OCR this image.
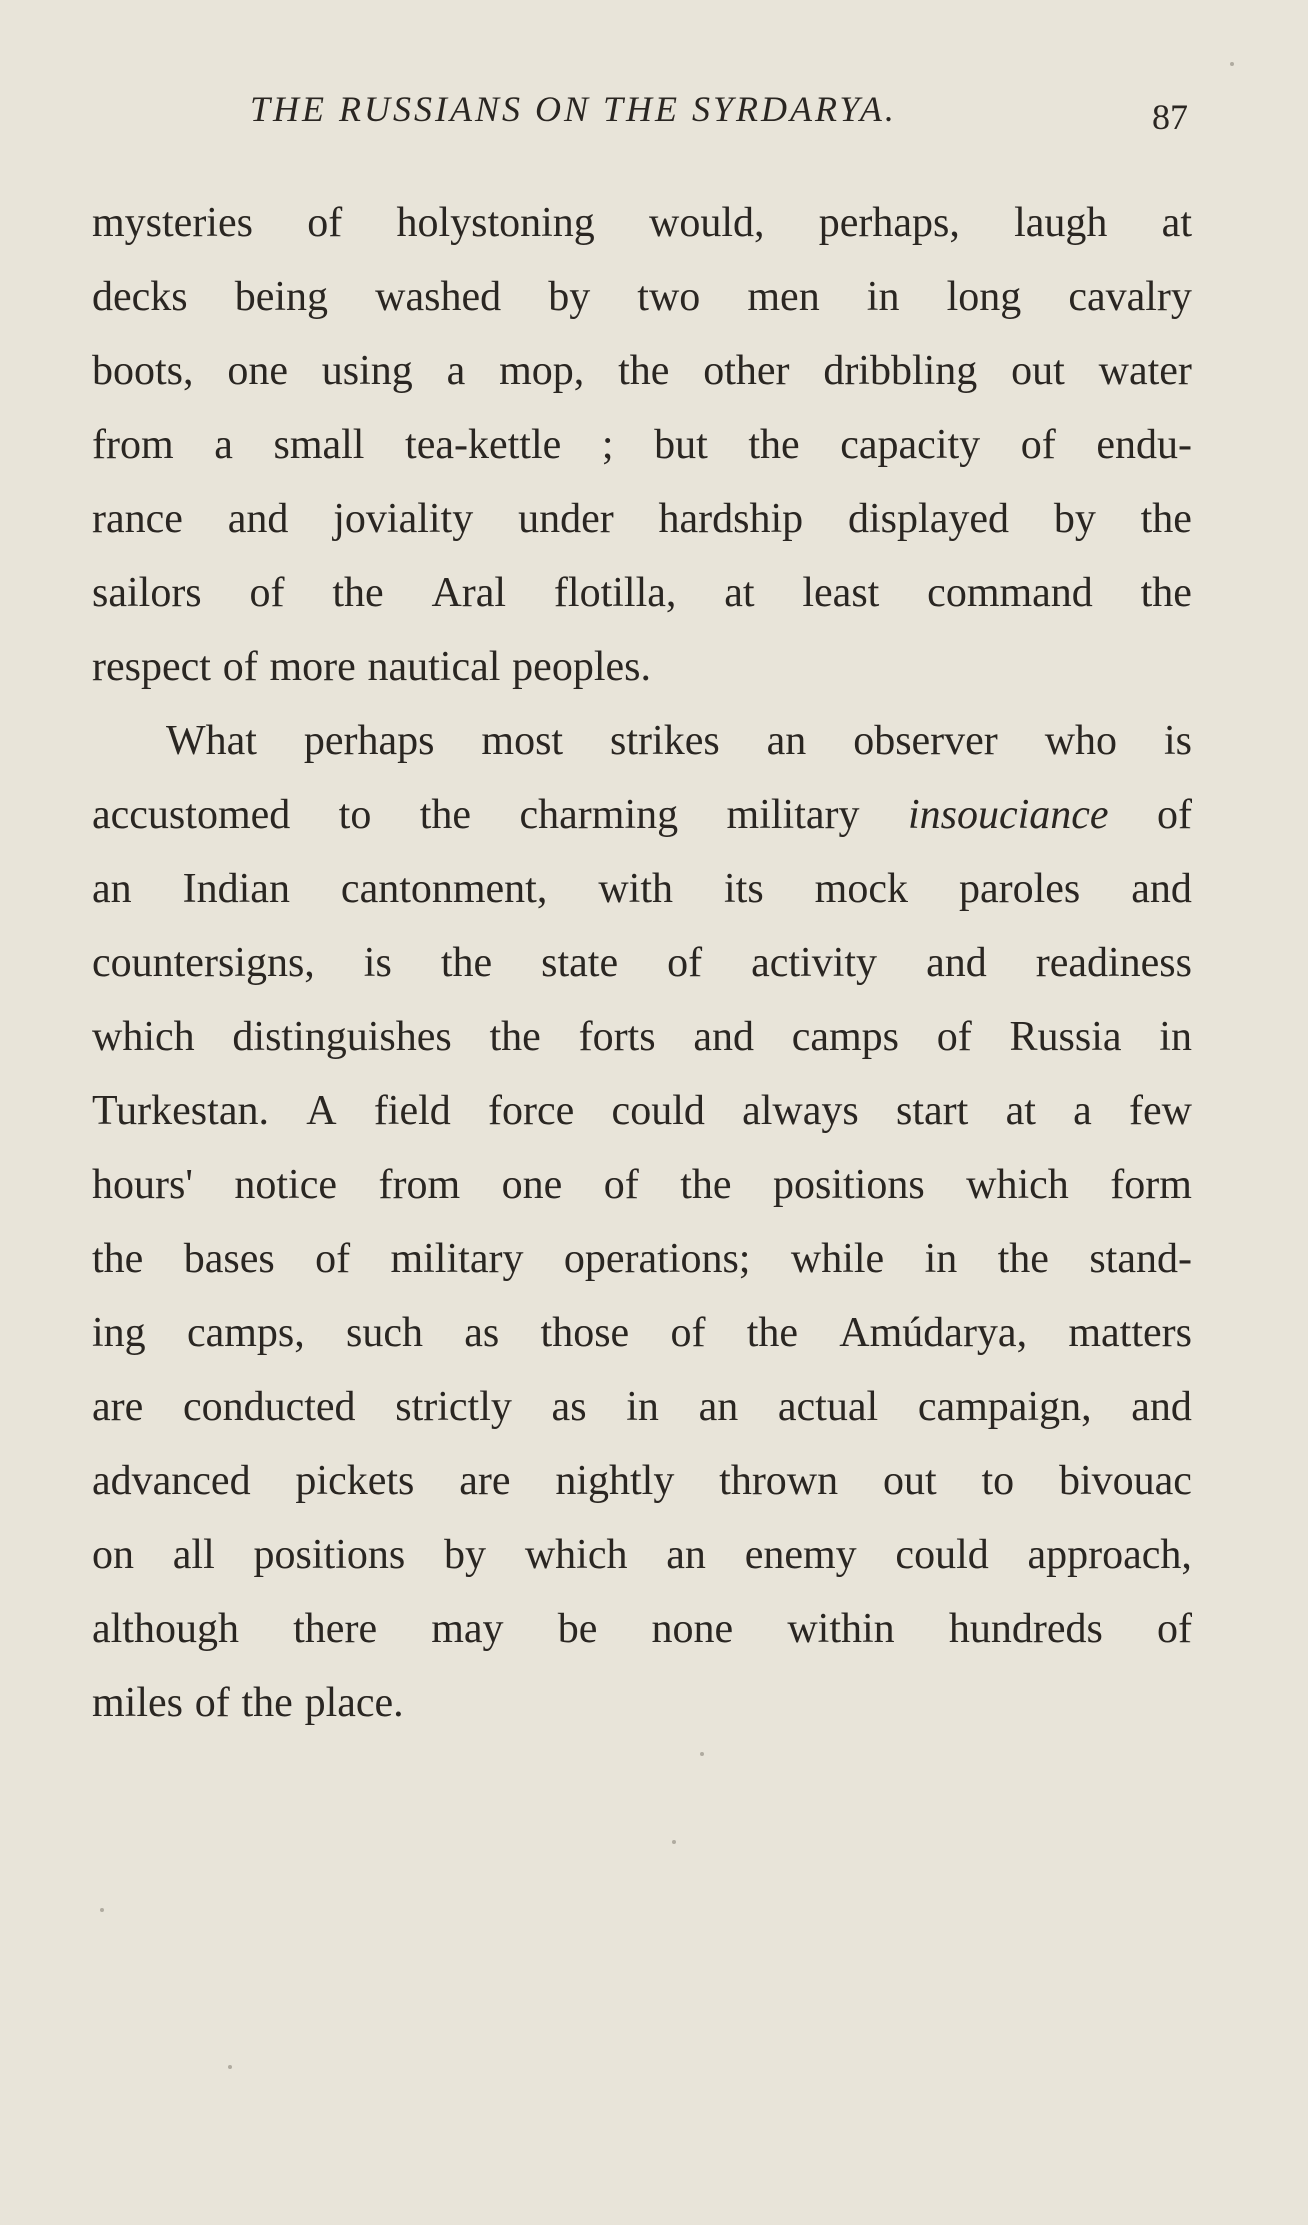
THE RUSSIANS ON THE SYRDARYA.	87
mysteries of holystoning would, perhaps, laugh at
decks being washed by two men in long cavalry
boots, one using a mop, the other dribbling out water
from a small tea-kettle ; but the capacity of endu-
rance and joviality under hardship displayed by the
sailors of the Aral flotilla, at least command the
respect of more nautical peoples.
What perhaps most strikes an observer who is
accustomed to the charming military insouciance of
an Indian cantonment, with its mock paroles and
countersigns, is the state of activity and readiness
which distinguishes the forts and camps of Russia in
Turkestan. A field force could always start at a few
hours' notice from one of the positions which form
the bases of military operations; while in the stand-
ing camps, such as those of the Amúdarya, matters
are conducted strictly as in an actual campaign, and
advanced pickets are nightly thrown out to bivouac
on all positions by which an enemy could approach,
although there may be none within hundreds of
miles of the place.
